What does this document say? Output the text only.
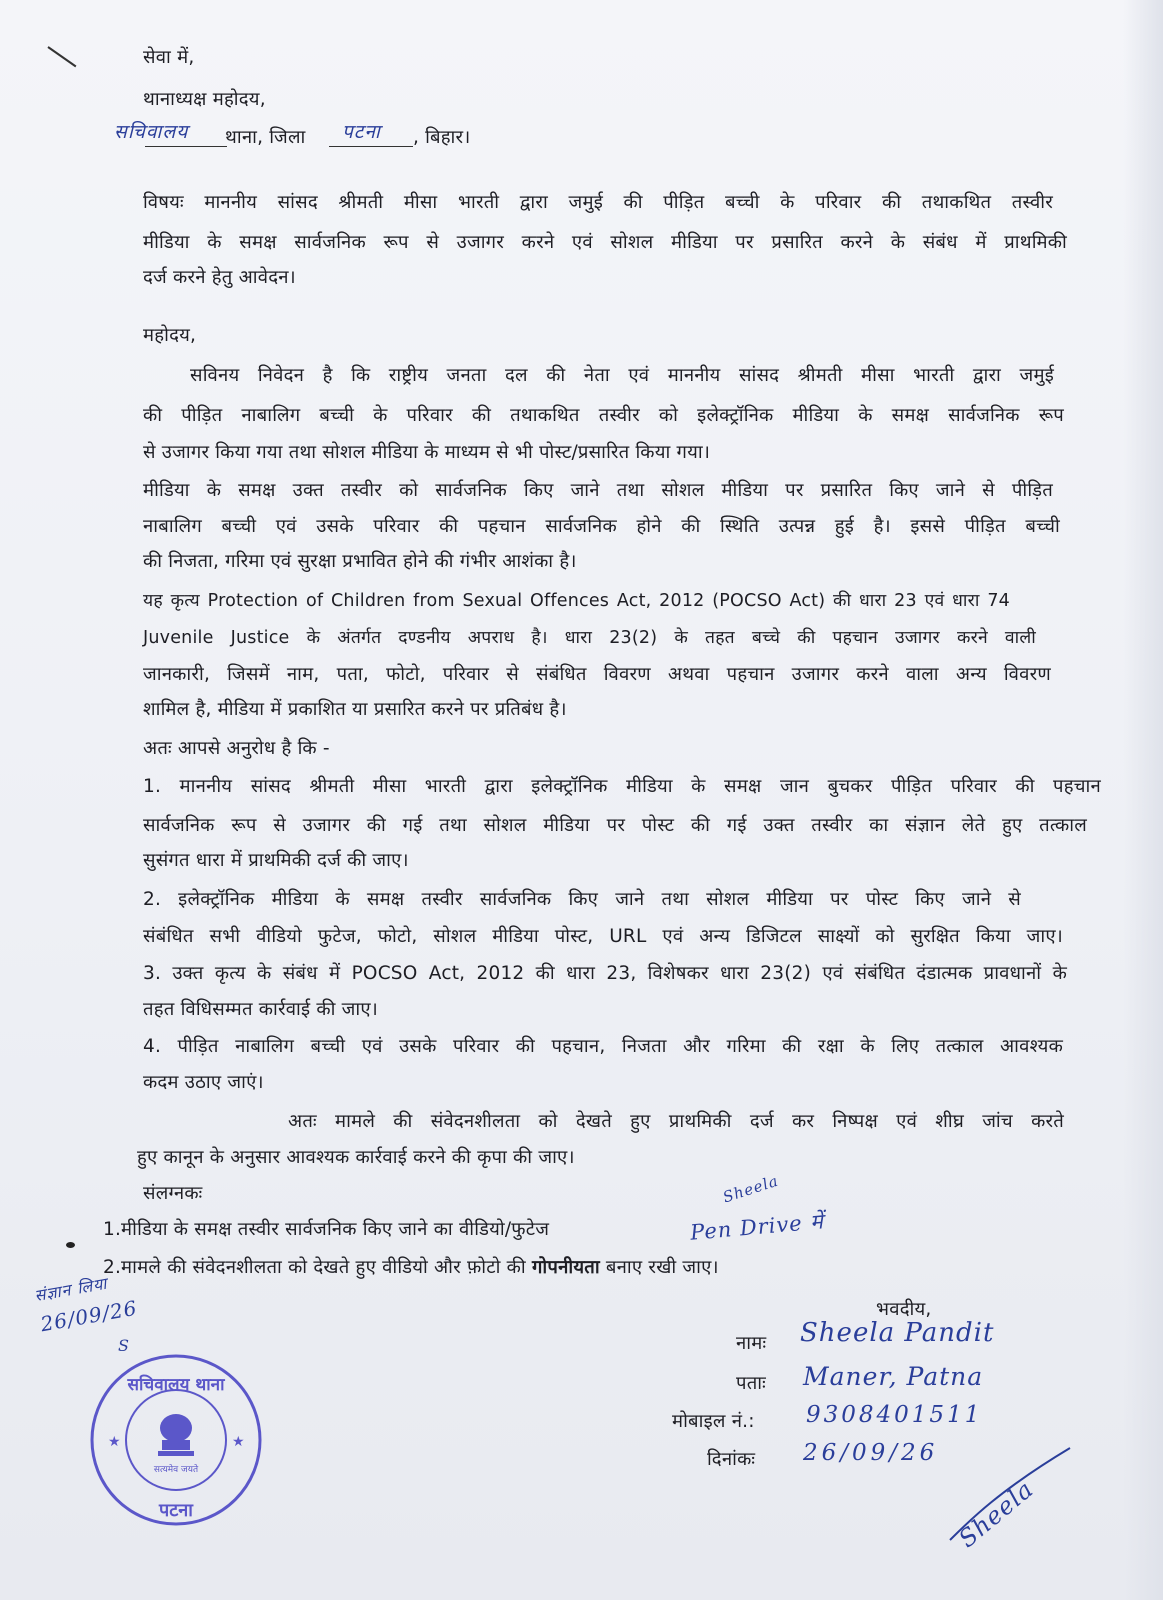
सेवा में,
थानाध्यक्ष महोदय,
सचिवालय थाना, जिला पटना , बिहार।
विषयः माननीय सांसद श्रीमती मीसा भारती द्वारा जमुई की पीड़ित बच्ची के परिवार की तथाकथित तस्वीर
मीडिया के समक्ष सार्वजनिक रूप से उजागर करने एवं सोशल मीडिया पर प्रसारित करने के संबंध में प्राथमिकी
दर्ज करने हेतु आवेदन।
महोदय,
सविनय निवेदन है कि राष्ट्रीय जनता दल की नेता एवं माननीय सांसद श्रीमती मीसा भारती द्वारा जमुई
की पीड़ित नाबालिग बच्ची के परिवार की तथाकथित तस्वीर को इलेक्ट्रॉनिक मीडिया के समक्ष सार्वजनिक रूप
से उजागर किया गया तथा सोशल मीडिया के माध्यम से भी पोस्ट/प्रसारित किया गया।
मीडिया के समक्ष उक्त तस्वीर को सार्वजनिक किए जाने तथा सोशल मीडिया पर प्रसारित किए जाने से पीड़ित
नाबालिग बच्ची एवं उसके परिवार की पहचान सार्वजनिक होने की स्थिति उत्पन्न हुई है। इससे पीड़ित बच्ची
की निजता, गरिमा एवं सुरक्षा प्रभावित होने की गंभीर आशंका है।
यह कृत्य Protection of Children from Sexual Offences Act, 2012 (POCSO Act) की धारा 23 एवं धारा 74
Juvenile Justice के अंतर्गत दण्डनीय अपराध है। धारा 23(2) के तहत बच्चे की पहचान उजागर करने वाली
जानकारी, जिसमें नाम, पता, फोटो, परिवार से संबंधित विवरण अथवा पहचान उजागर करने वाला अन्य विवरण
शामिल है, मीडिया में प्रकाशित या प्रसारित करने पर प्रतिबंध है।
अतः आपसे अनुरोध है कि -
1. माननीय सांसद श्रीमती मीसा भारती द्वारा इलेक्ट्रॉनिक मीडिया के समक्ष जान बुचकर पीड़ित परिवार की पहचान
सार्वजनिक रूप से उजागर की गई तथा सोशल मीडिया पर पोस्ट की गई उक्त तस्वीर का संज्ञान लेते हुए तत्काल
सुसंगत धारा में प्राथमिकी दर्ज की जाए।
2. इलेक्ट्रॉनिक मीडिया के समक्ष तस्वीर सार्वजनिक किए जाने तथा सोशल मीडिया पर पोस्ट किए जाने से
संबंधित सभी वीडियो फुटेज, फोटो, सोशल मीडिया पोस्ट, URL एवं अन्य डिजिटल साक्ष्यों को सुरक्षित किया जाए।
3. उक्त कृत्य के संबंध में POCSO Act, 2012 की धारा 23, विशेषकर धारा 23(2) एवं संबंधित दंडात्मक प्रावधानों के
तहत विधिसम्मत कार्रवाई की जाए।
4. पीड़ित नाबालिग बच्ची एवं उसके परिवार की पहचान, निजता और गरिमा की रक्षा के लिए तत्काल आवश्यक
कदम उठाए जाएं।
अतः मामले की संवेदनशीलता को देखते हुए प्राथमिकी दर्ज कर निष्पक्ष एवं शीघ्र जांच करते
हुए कानून के अनुसार आवश्यक कार्रवाई करने की कृपा की जाए।
संलग्नकः
1.मीडिया के समक्ष तस्वीर सार्वजनिक किए जाने का वीडियो/फुटेज	Pen Drive में
Sheela
2.मामले की संवेदनशीलता को देखते हुए वीडियो और फ़ोटो की गोपनीयता बनाए रखी जाए।
भवदीय,
नामः Sheela Pandit
पताः Maner, Patna
मोबाइल नं.: 9308401511
दिनांकः 26/09/26
Sheela
संज्ञान लिया
26/09/26
S
सचिवालय थाना
पटना
सत्यमेव जयते
★	★
